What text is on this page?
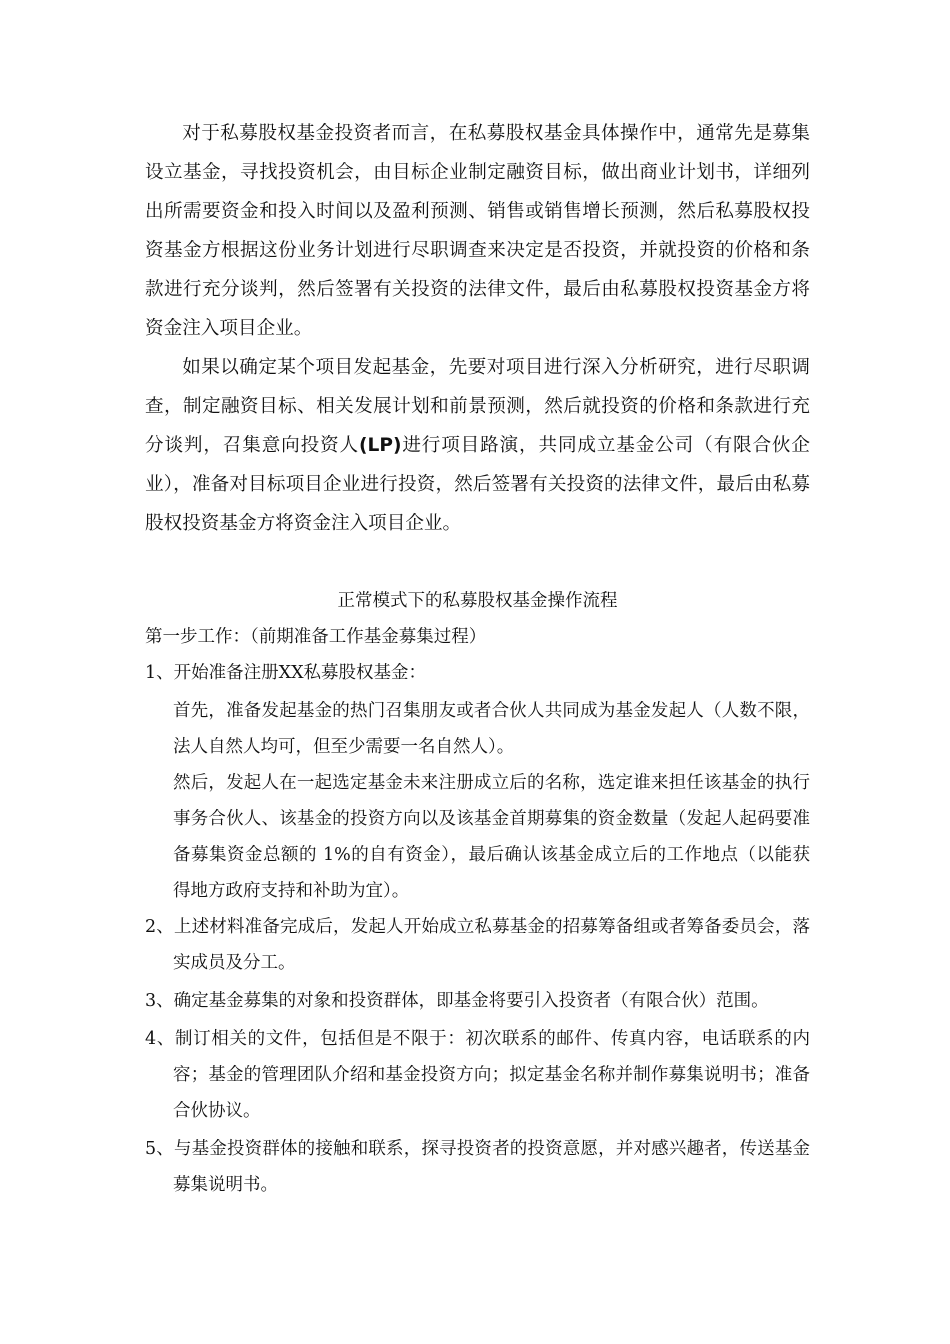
对于私募股权基金投资者而言，在私募股权基金具体操作中，通常先是募集设立基金，寻找投资机会，由目标企业制定融资目标，做出商业计划书，详细列出所需要资金和投入时间以及盈利预测、销售或销售增长预测，然后私募股权投资基金方根据这份业务计划进行尽职调查来决定是否投资，并就投资的价格和条款进行充分谈判，然后签署有关投资的法律文件，最后由私募股权投资基金方将资金注入项目企业。

如果以确定某个项目发起基金，先要对项目进行深入分析研究，进行尽职调查，制定融资目标、相关发展计划和前景预测，然后就投资的价格和条款进行充分谈判，召集意向投资人(LP)进行项目路演，共同成立基金公司（有限合伙企业），准备对目标项目企业进行投资，然后签署有关投资的法律文件，最后由私募股权投资基金方将资金注入项目企业。

正常模式下的私募股权基金操作流程

第一步工作：（前期准备工作基金募集过程）

1、开始准备注册XX私募股权基金：

首先，准备发起基金的热门召集朋友或者合伙人共同成为基金发起人（人数不限，法人自然人均可，但至少需要一名自然人）。

然后，发起人在一起选定基金未来注册成立后的名称，选定谁来担任该基金的执行事务合伙人、该基金的投资方向以及该基金首期募集的资金数量（发起人起码要准备募集资金总额的 1%的自有资金），最后确认该基金成立后的工作地点（以能获得地方政府支持和补助为宜）。

2、上述材料准备完成后，发起人开始成立私募基金的招募筹备组或者筹备委员会，落实成员及分工。

3、确定基金募集的对象和投资群体，即基金将要引入投资者（有限合伙）范围。

4、制订相关的文件，包括但是不限于：初次联系的邮件、传真内容，电话联系的内容；基金的管理团队介绍和基金投资方向；拟定基金名称并制作募集说明书；准备合伙协议。

5、与基金投资群体的接触和联系，探寻投资者的投资意愿，并对感兴趣者，传送基金募集说明书。
